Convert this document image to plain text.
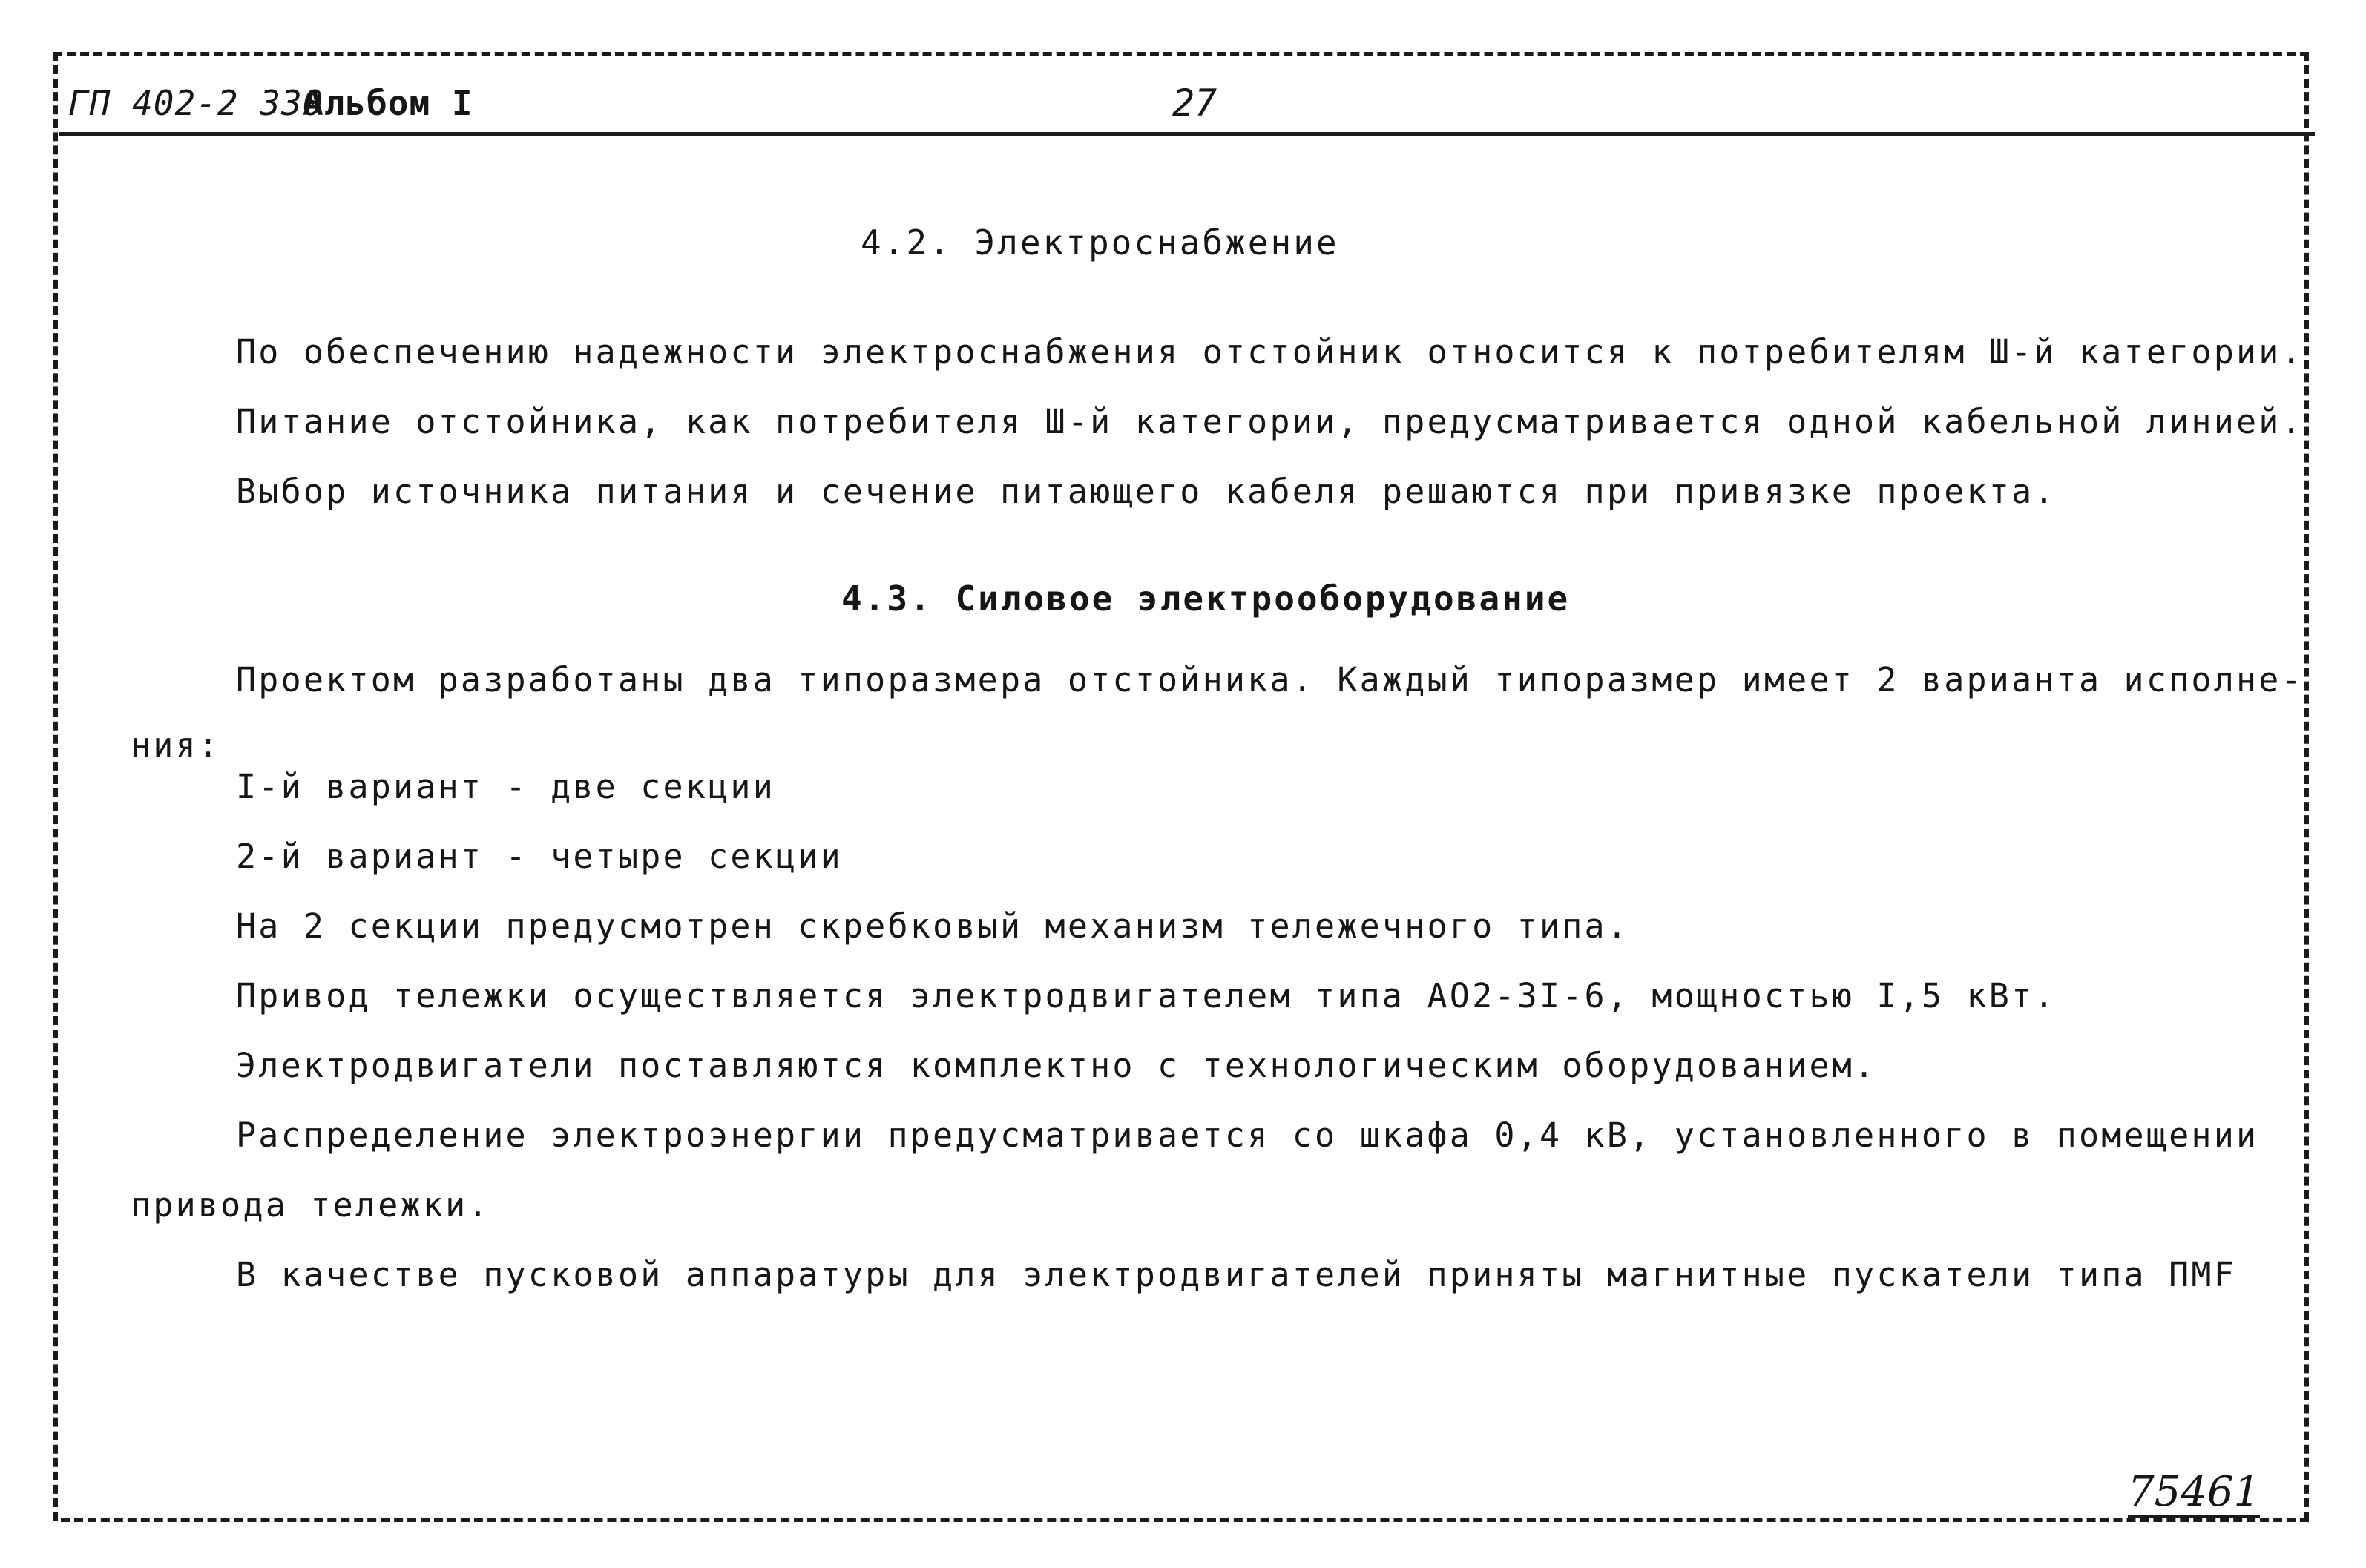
ГП 402-2 330
Альбом I	27
4.2. Электроснабжение
По обеспечению надежности электроснабжения отстойник относится к потребителям Ш-й категории.
Питание отстойника, как потребителя Ш-й категории, предусматривается одной кабельной линией.
Выбор источника питания и сечение питающего кабеля решаются при привязке проекта.
4.3. Силовое электрооборудование
Проектом разработаны два типоразмера отстойника. Каждый типоразмер имеет 2 варианта исполне-
ния:
I-й вариант - две секции
2-й вариант - четыре секции
На 2 секции предусмотрен скребковый механизм тележечного типа.
Привод тележки осуществляется электродвигателем типа АО2-3I-6, мощностью I,5 кВт.
Электродвигатели поставляются комплектно с технологическим оборудованием.
Распределение электроэнергии предусматривается со шкафа 0,4 кВ, установленного в помещении
привода тележки.
В качестве пусковой аппаратуры для электродвигателей приняты магнитные пускатели типа ПМF
75461
